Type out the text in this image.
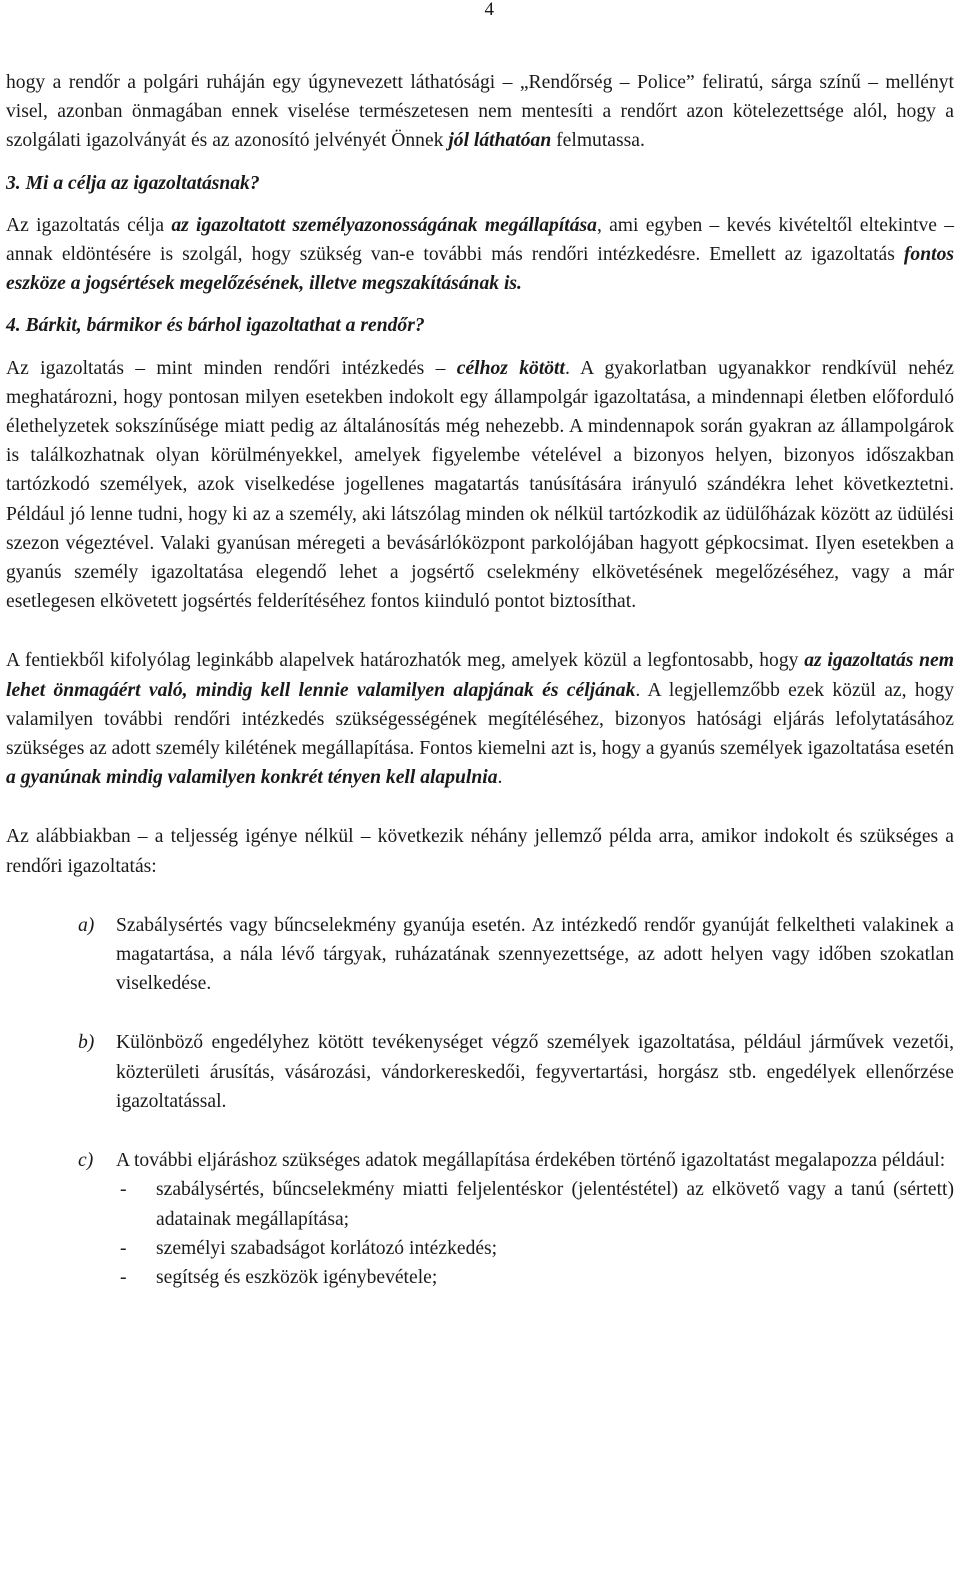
4

hogy a rendőr a polgári ruháján egy úgynevezett láthatósági – „Rendőrség – Police” feliratú, sárga színű – mellényt visel, azonban önmagában ennek viselése természetesen nem mentesíti a rendőrt azon kötelezettsége alól, hogy a szolgálati igazolványát és az azonosító jelvényét Önnek jól láthatóan felmutassa.

3. Mi a célja az igazoltatásnak?

Az igazoltatás célja az igazoltatott személyazonosságának megállapítása, ami egyben – kevés kivételtől eltekintve – annak eldöntésére is szolgál, hogy szükség van-e további más rendőri intézkedésre. Emellett az igazoltatás fontos eszköze a jogsértések megelőzésének, illetve megszakításának is.

4. Bárkit, bármikor és bárhol igazoltathat a rendőr?

Az igazoltatás – mint minden rendőri intézkedés – célhoz kötött. A gyakorlatban ugyanakkor rendkívül nehéz meghatározni, hogy pontosan milyen esetekben indokolt egy állampolgár igazoltatása, a mindennapi életben előforduló élethelyzetek sokszínűsége miatt pedig az általánosítás még nehezebb. A mindennapok során gyakran az állampolgárok is találkozhatnak olyan körülményekkel, amelyek figyelembe vételével a bizonyos helyen, bizonyos időszakban tartózkodó személyek, azok viselkedése jogellenes magatartás tanúsítására irányuló szándékra lehet következtetni. Például jó lenne tudni, hogy ki az a személy, aki látszólag minden ok nélkül tartózkodik az üdülőházak között az üdülési szezon végeztével. Valaki gyanúsan méregeti a bevásárlóközpont parkolójában hagyott gépkocsimat. Ilyen esetekben a gyanús személy igazoltatása elegendő lehet a jogsértő cselekmény elkövetésének megelőzéséhez, vagy a már esetlegesen elkövetett jogsértés felderítéséhez fontos kiinduló pontot biztosíthat.

A fentiekből kifolyólag leginkább alapelvek határozhatók meg, amelyek közül a legfontosabb, hogy az igazoltatás nem lehet önmagáért való, mindig kell lennie valamilyen alapjának és céljának. A legjellemzőbb ezek közül az, hogy valamilyen további rendőri intézkedés szükségességének megítéléséhez, bizonyos hatósági eljárás lefolytatásához szükséges az adott személy kilétének megállapítása. Fontos kiemelni azt is, hogy a gyanús személyek igazoltatása esetén a gyanúnak mindig valamilyen konkrét tényen kell alapulnia.

Az alábbiakban – a teljesség igénye nélkül – következik néhány jellemző példa arra, amikor indokolt és szükséges a rendőri igazoltatás:

a)	Szabálysértés vagy bűncselekmény gyanúja esetén. Az intézkedő rendőr gyanúját felkeltheti valakinek a magatartása, a nála lévő tárgyak, ruházatának szennyezettsége, az adott helyen vagy időben szokatlan viselkedése.
b)	Különböző engedélyhez kötött tevékenységet végző személyek igazoltatása, például járművek vezetői, közterületi árusítás, vásározási, vándorkereskedői, fegyvertartási, horgász stb. engedélyek ellenőrzése igazoltatással.
c)	A további eljáráshoz szükséges adatok megállapítása érdekében történő igazoltatást megalapozza például:
-	szabálysértés, bűncselekmény miatti feljelentéskor (jelentéstétel) az elkövető vagy a tanú (sértett) adatainak megállapítása;
-	személyi szabadságot korlátozó intézkedés;
-	segítség és eszközök igénybevétele;
